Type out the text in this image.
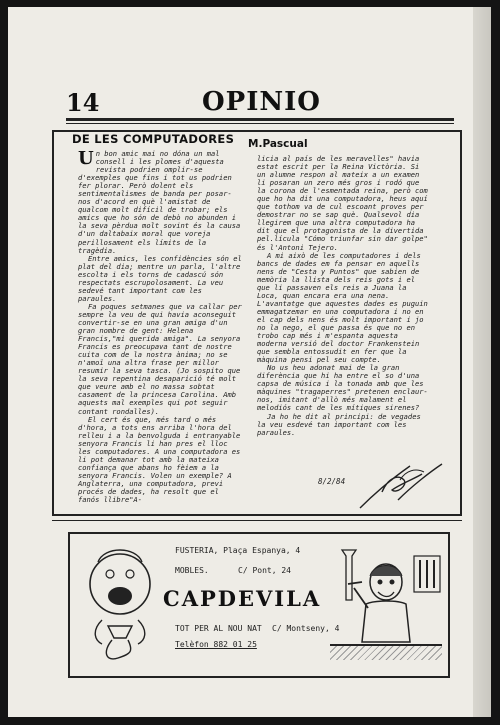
14	OPINIO
DE LES COMPUTADORES M.Pascual

Un bon amic mai no dóna un mal consell i les plomes d'aquesta revista podrien omplir-se d'exemples que fins i tot us podrien fer plorar. Però dolent els sentimentalismes de banda per posar-nos d'acord en què l'amistat de qualcom molt difícil de trobar; els amics que ho són de debò no abunden i la seva pèrdua molt sovint és la causa d'un daltabaix moral que voreja perillosament els límits de la tragèdia.

Entre amics, les confidències són el plat del dia; mentre un parla, l'altre escolta i els torns de cadascú són respectats escrupolosament. La veu sedevé tant important com les paraules.

Fa poques setmanes que va callar per sempre la veu de qui havia aconseguit convertir-se en una gran amiga d'un gran nombre de gent: Helena Francis,"mi querida amiga". La senyora Francis es preocupava tant de nostre cuita com de la nostra ànima; no se n'amoï una altra frase per millor resumir la seva tasca. (Jo sospito que la seva repentina desaparició té molt que veure amb el no massa sobtat casament de la princesa Carolina. Amb aquests mal exemples qui pot seguir contant rondalles).

El cert és que, més tard o més d'hora, a tots ens arriba l'hora del relleu i a la benvolguda i entranyable senyora Francis li han pres el lloc les computadores. A una computadora es li pot demanar tot amb la mateixa confiança que abans ho fèiem a la senyora Francis. Volen un exemple? A Anglaterra, una computadora, previ procés de dades, ha resolt que el fanós llibre"A-

licia al país de les meravelles" havia estat escrit per la Reina Victòria. Si un alumne respon al mateix a un examen li posaran un zero més gros i rodó que la corona de l'esmentada reina, però com que ho ha dit una computadora, heus aquí que tothom va de cul escoant proves per demostrar no se sap què. Qualsevol dia llegirem que una altra computadora ha dit que el protagonista de la divertida pel.lícula "Cómo triunfar sin dar golpe" és l'Antoni Tejero.

A mi això de les computadores i dels bancs de dades em fa pensar en aquells nens de "Cesta y Puntos" que sabien de memòria la llista dels reis gots i el que li passaven els reis a Juana la Loca, quan encara era una nena. L'avantatge que aquestes dades es puguin emmagatzemar en una computadora i no en el cap dels nens és molt important i jo no la nego, el que passa és que no en trobo cap més i m'espanta aquesta moderna versió del doctor Frankenstein que sembla entossudit en fer que la màquina pensi pel seu compte.

No us heu adonat mai de la gran diferència que hi ha entre el so d'una capsa de música i la tonada amb que les màquines "tragaperres" pretenen enclaur-nos, imitant d'allò més malament el melodiós cant de les mítiques sirenes?

Ja ho he dit al principi: de vegades la veu esdevé tan important com les paraules.

8/2/84
FUSTERIA, Plaça Espanya, 4
MOBLES.	C/ Pont, 24
CAPDEVILA
TOT PER AL NOU NAT C/ Montseny, 4
Telèfon 882 01 25
